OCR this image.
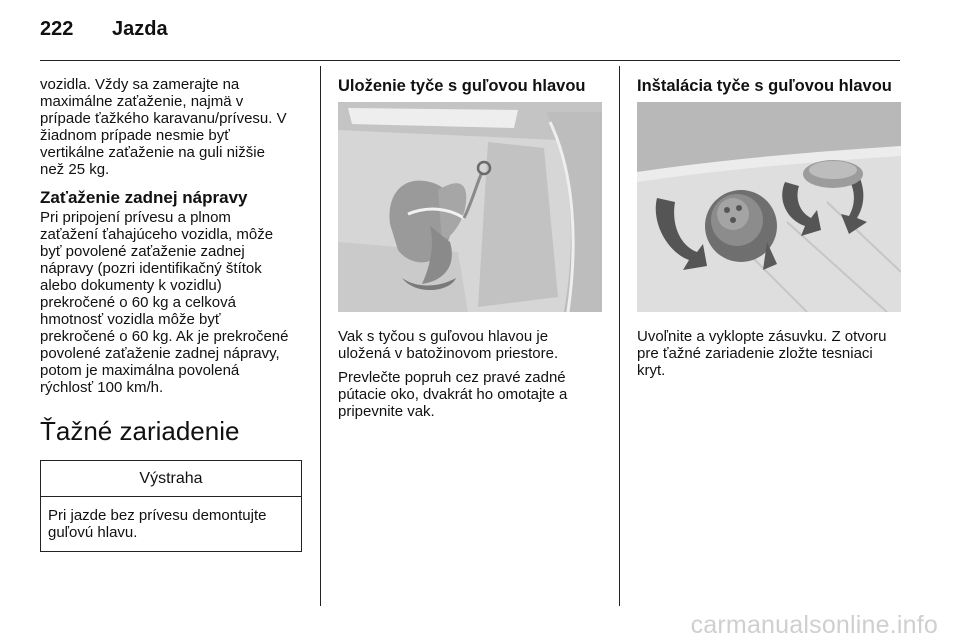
222	Jazda
vozidla. Vždy sa zamerajte na
maximálne zaťaženie, najmä v
prípade ťažkého karavanu/prívesu. V
žiadnom prípade nesmie byť
vertikálne zaťaženie na guli nižšie
než 25 kg.
Zaťaženie zadnej nápravy
Pri pripojení prívesu a plnom
zaťažení ťahajúceho vozidla, môže
byť povolené zaťaženie zadnej
nápravy (pozri identifikačný štítok
alebo dokumenty k vozidlu)
prekročené o 60 kg a celková
hmotnosť vozidla môže byť
prekročené o 60 kg. Ak je prekročené
povolené zaťaženie zadnej nápravy,
potom je maximálna povolená
rýchlosť 100 km/h.
Ťažné zariadenie
Výstraha
Pri jazde bez prívesu demontujte
guľovú hlavu.
Uloženie tyče s guľovou hlavou
Vak s tyčou s guľovou hlavou je
uložená v batožinovom priestore.
Prevlečte popruh cez pravé zadné
pútacie oko, dvakrát ho omotajte a
pripevnite vak.
Inštalácia tyče s guľovou hlavou
Uvoľnite a vyklopte zásuvku. Z otvoru
pre ťažné zariadenie zložte tesniaci
kryt.
carmanualsonline.info
